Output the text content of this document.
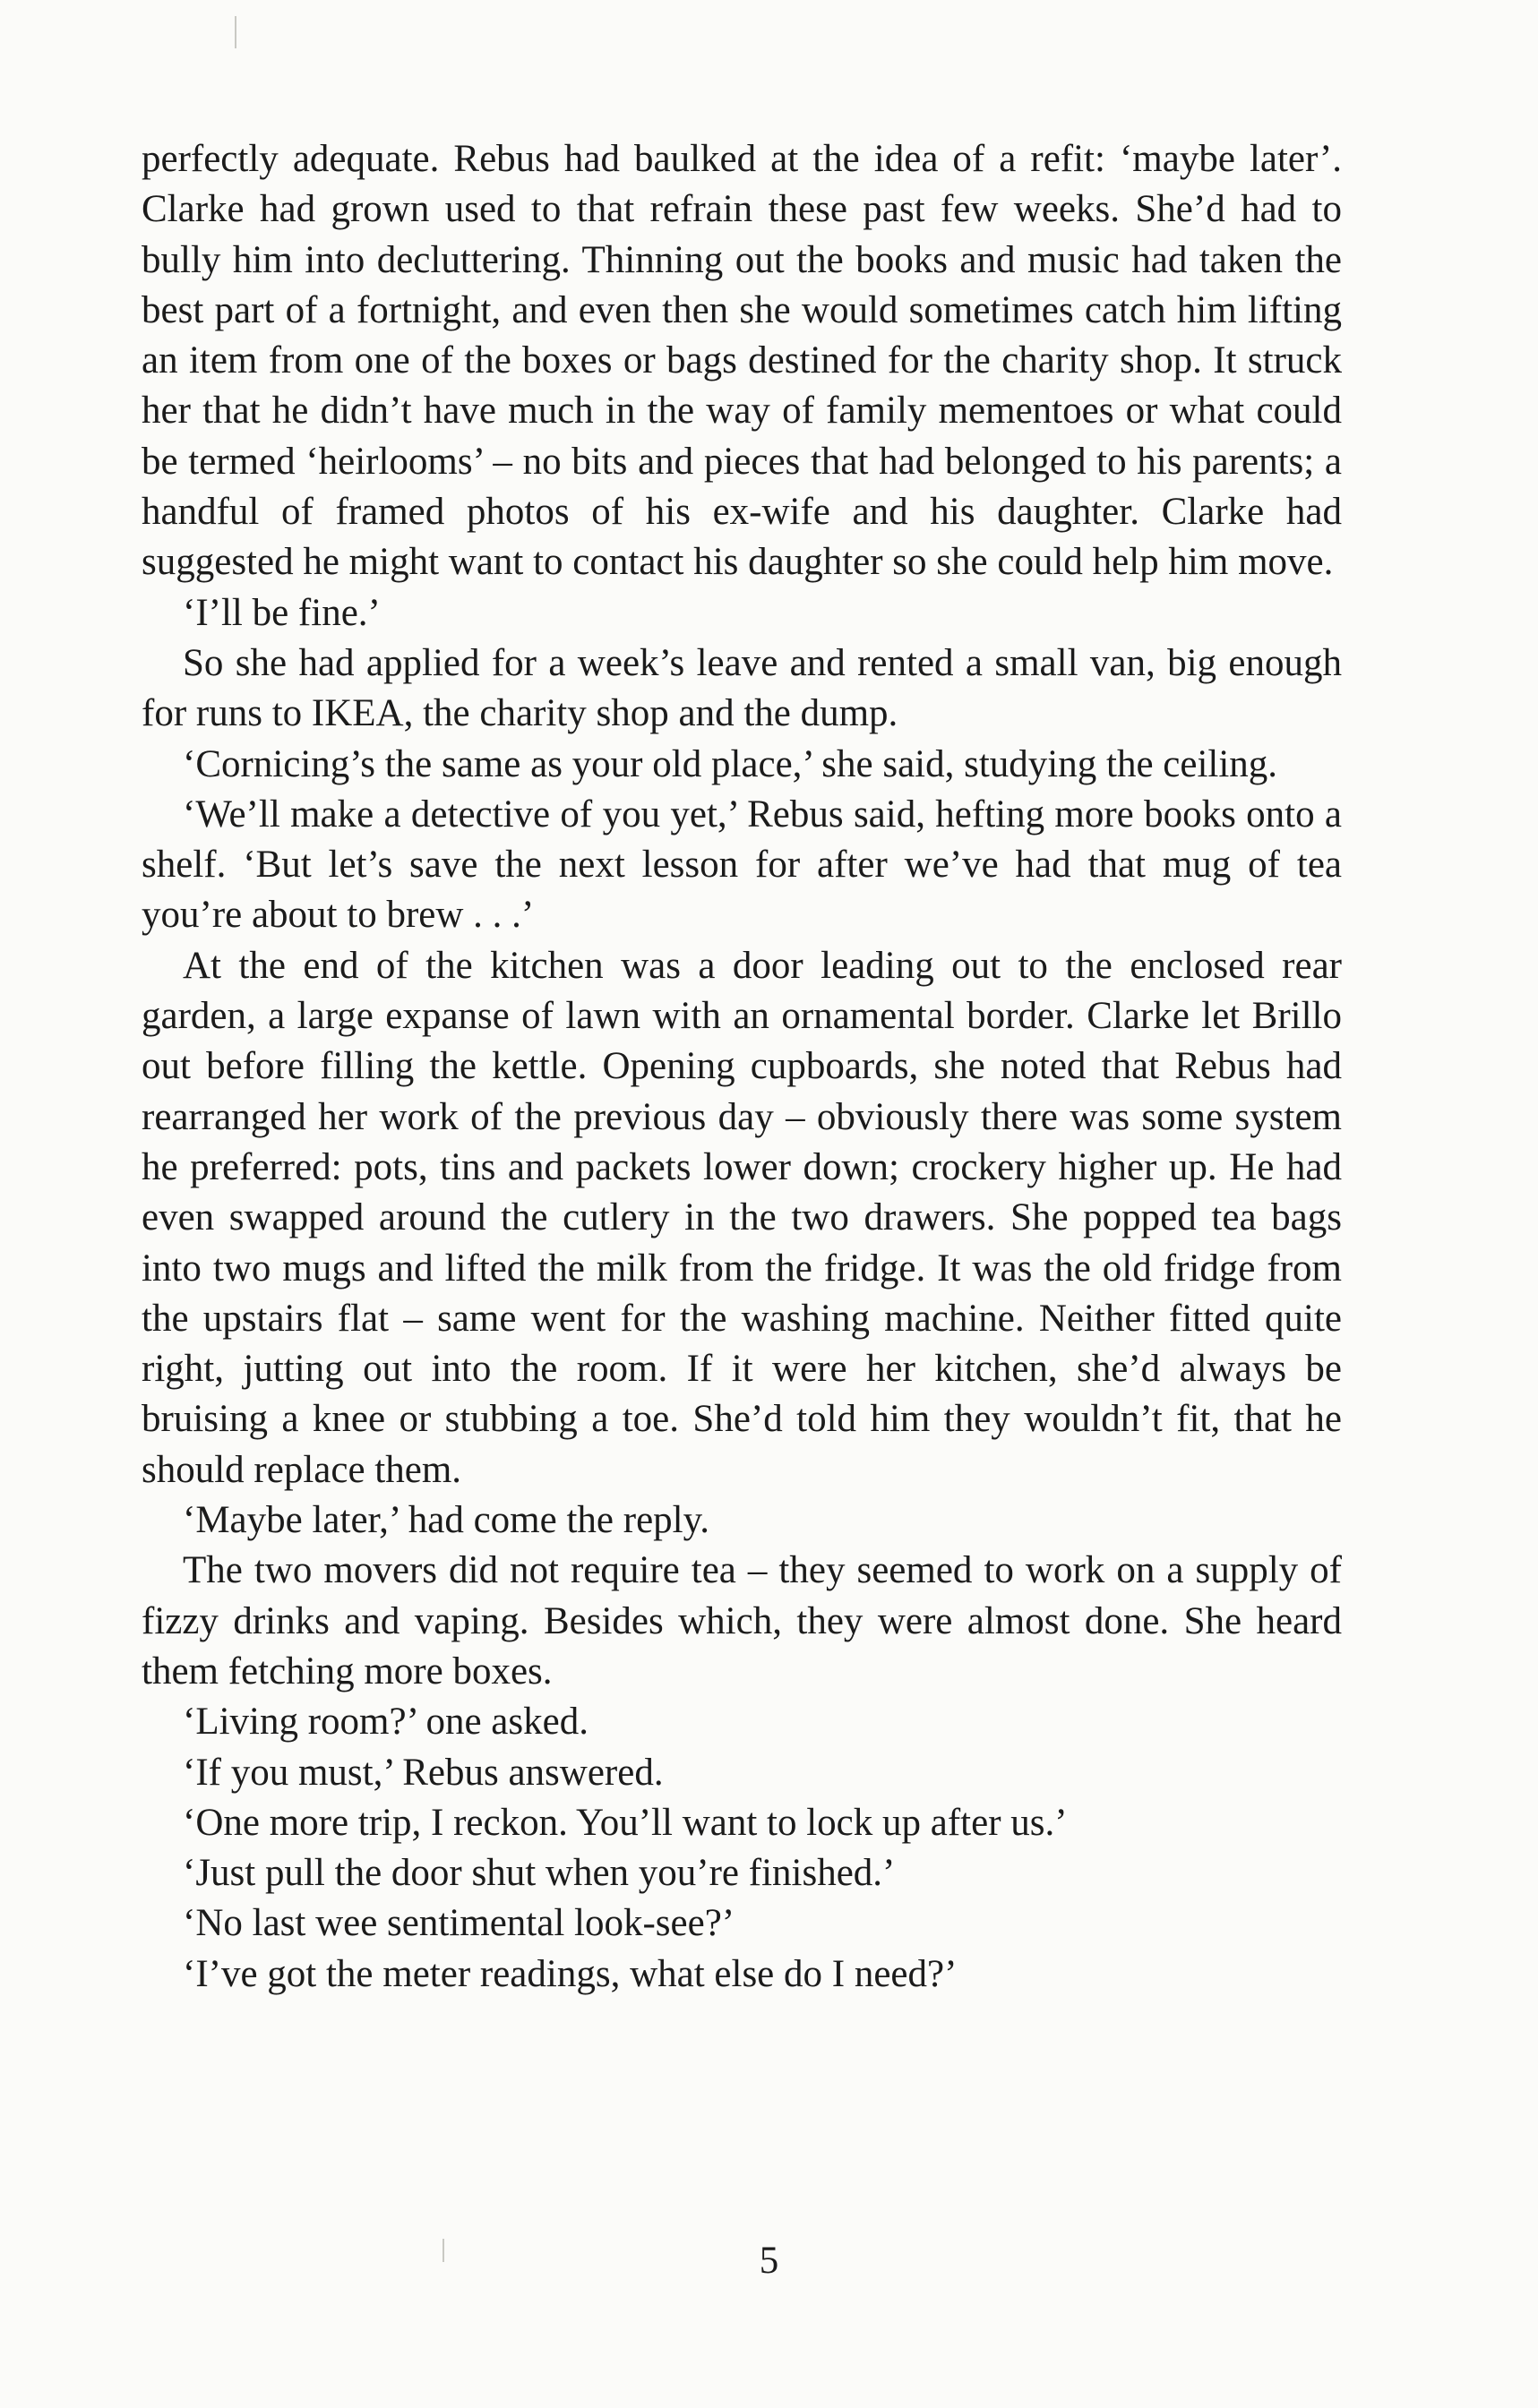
perfectly adequate. Rebus had baulked at the idea of a refit: ‘maybe later’. Clarke had grown used to that refrain these past few weeks. She’d had to bully him into decluttering. Thinning out the books and music had taken the best part of a fortnight, and even then she would sometimes catch him lifting an item from one of the boxes or bags destined for the charity shop. It struck her that he didn’t have much in the way of family mementoes or what could be termed ‘heirlooms’ – no bits and pieces that had belonged to his parents; a handful of framed photos of his ex-wife and his daughter. Clarke had suggested he might want to contact his daughter so she could help him move.

‘I’ll be fine.’

So she had applied for a week’s leave and rented a small van, big enough for runs to IKEA, the charity shop and the dump.

‘Cornicing’s the same as your old place,’ she said, studying the ceiling.

‘We’ll make a detective of you yet,’ Rebus said, hefting more books onto a shelf. ‘But let’s save the next lesson for after we’ve had that mug of tea you’re about to brew . . .’

At the end of the kitchen was a door leading out to the enclosed rear garden, a large expanse of lawn with an ornamental border. Clarke let Brillo out before filling the kettle. Opening cupboards, she noted that Rebus had rearranged her work of the previous day – obviously there was some system he preferred: pots, tins and packets lower down; crockery higher up. He had even swapped around the cutlery in the two drawers. She popped tea bags into two mugs and lifted the milk from the fridge. It was the old fridge from the upstairs flat – same went for the washing machine. Neither fitted quite right, jutting out into the room. If it were her kitchen, she’d always be bruising a knee or stubbing a toe. She’d told him they wouldn’t fit, that he should replace them.

‘Maybe later,’ had come the reply.

The two movers did not require tea – they seemed to work on a supply of fizzy drinks and vaping. Besides which, they were almost done. She heard them fetching more boxes.

‘Living room?’ one asked.

‘If you must,’ Rebus answered.

‘One more trip, I reckon. You’ll want to lock up after us.’

‘Just pull the door shut when you’re finished.’

‘No last wee sentimental look-see?’

‘I’ve got the meter readings, what else do I need?’

5
